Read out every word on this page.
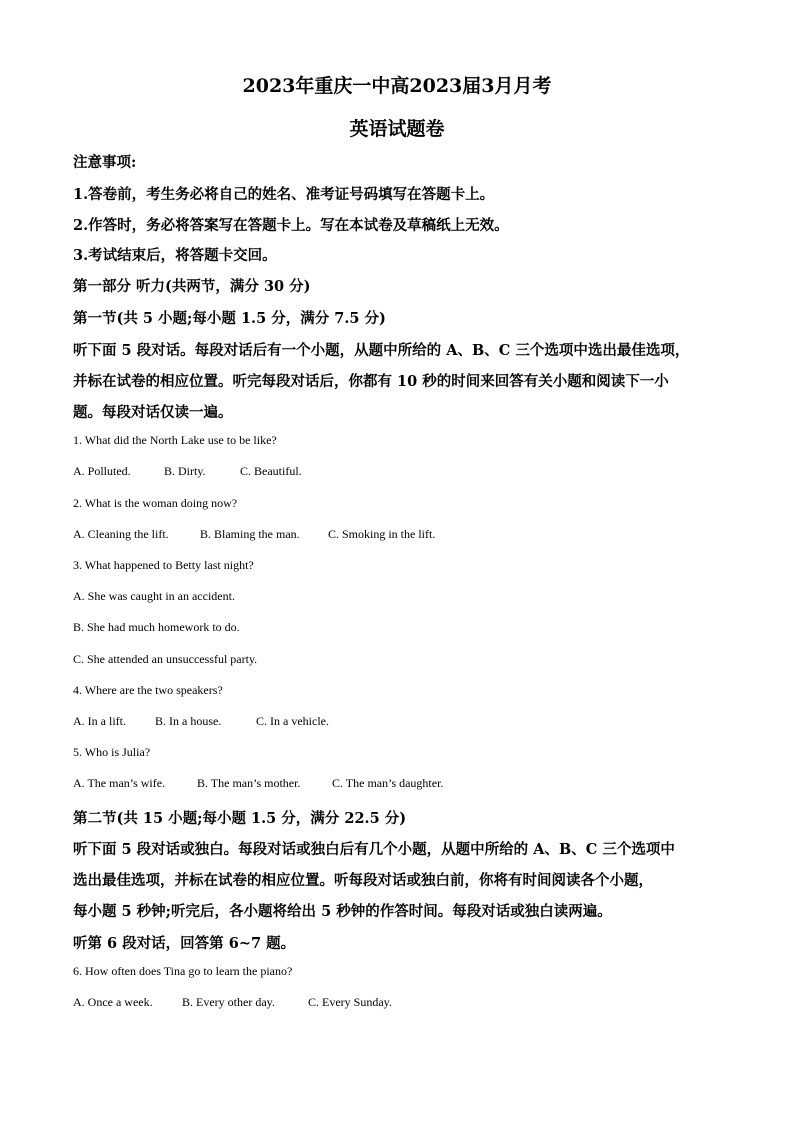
2023年重庆一中高2023届3月月考
英语试题卷
注意事项:
1.答卷前，考生务必将自己的姓名、准考证号码填写在答题卡上。
2.作答时，务必将答案写在答题卡上。写在本试卷及草稿纸上无效。
3.考试结束后，将答题卡交回。
第一部分 听力(共两节，满分 30 分)
第一节(共 5 小题;每小题 1.5 分，满分 7.5 分)
听下面 5 段对话。每段对话后有一个小题，从题中所给的 A、B、C 三个选项中选出最佳选项，
并标在试卷的相应位置。听完每段对话后，你都有 10 秒的时间来回答有关小题和阅读下一小
题。每段对话仅读一遍。
1. What did the North Lake use to be like?
A. Polluted.	B. Dirty.	C. Beautiful.
2. What is the woman doing now?
A. Cleaning the lift.	B. Blaming the man. C. Smoking in the lift.
3. What happened to Betty last night?
A. She was caught in an accident.
B. She had much homework to do.
C. She attended an unsuccessful party.
4. Where are the two speakers?
A. In a lift. B. In a house.	C. In a vehicle.
5. Who is Julia?
A. The man’s wife.	B. The man’s mother.	C. The man’s daughter.
第二节(共 15 小题;每小题 1.5 分，满分 22.5 分)
听下面 5 段对话或独白。每段对话或独白后有几个小题，从题中所给的 A、B、C 三个选项中
选出最佳选项，并标在试卷的相应位置。听每段对话或独白前，你将有时间阅读各个小题，
每小题 5 秒钟;听完后，各小题将给出 5 秒钟的作答时间。每段对话或独白读两遍。
听第 6 段对话，回答第 6~7 题。
6. How often does Tina go to learn the piano?
A. Once a week. B. Every other day.	C. Every Sunday.
